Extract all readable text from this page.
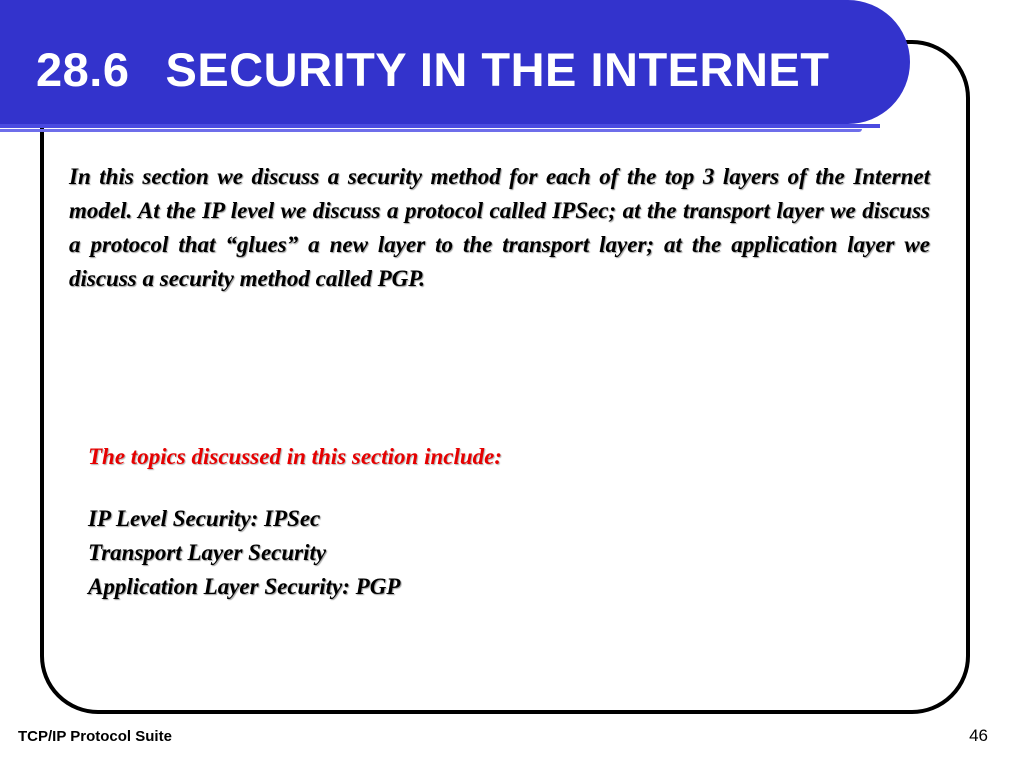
28.6 SECURITY IN THE INTERNET

In this section we discuss a security method for each of the top 3 layers of the Internet model. At the IP level we discuss a protocol called IPSec; at the transport layer we discuss a protocol that “glues” a new layer to the transport layer; at the application layer we discuss a security method called PGP.

The topics discussed in this section include:

IP Level Security: IPSec
Transport Layer Security
Application Layer Security: PGP
TCP/IP Protocol Suite	46
